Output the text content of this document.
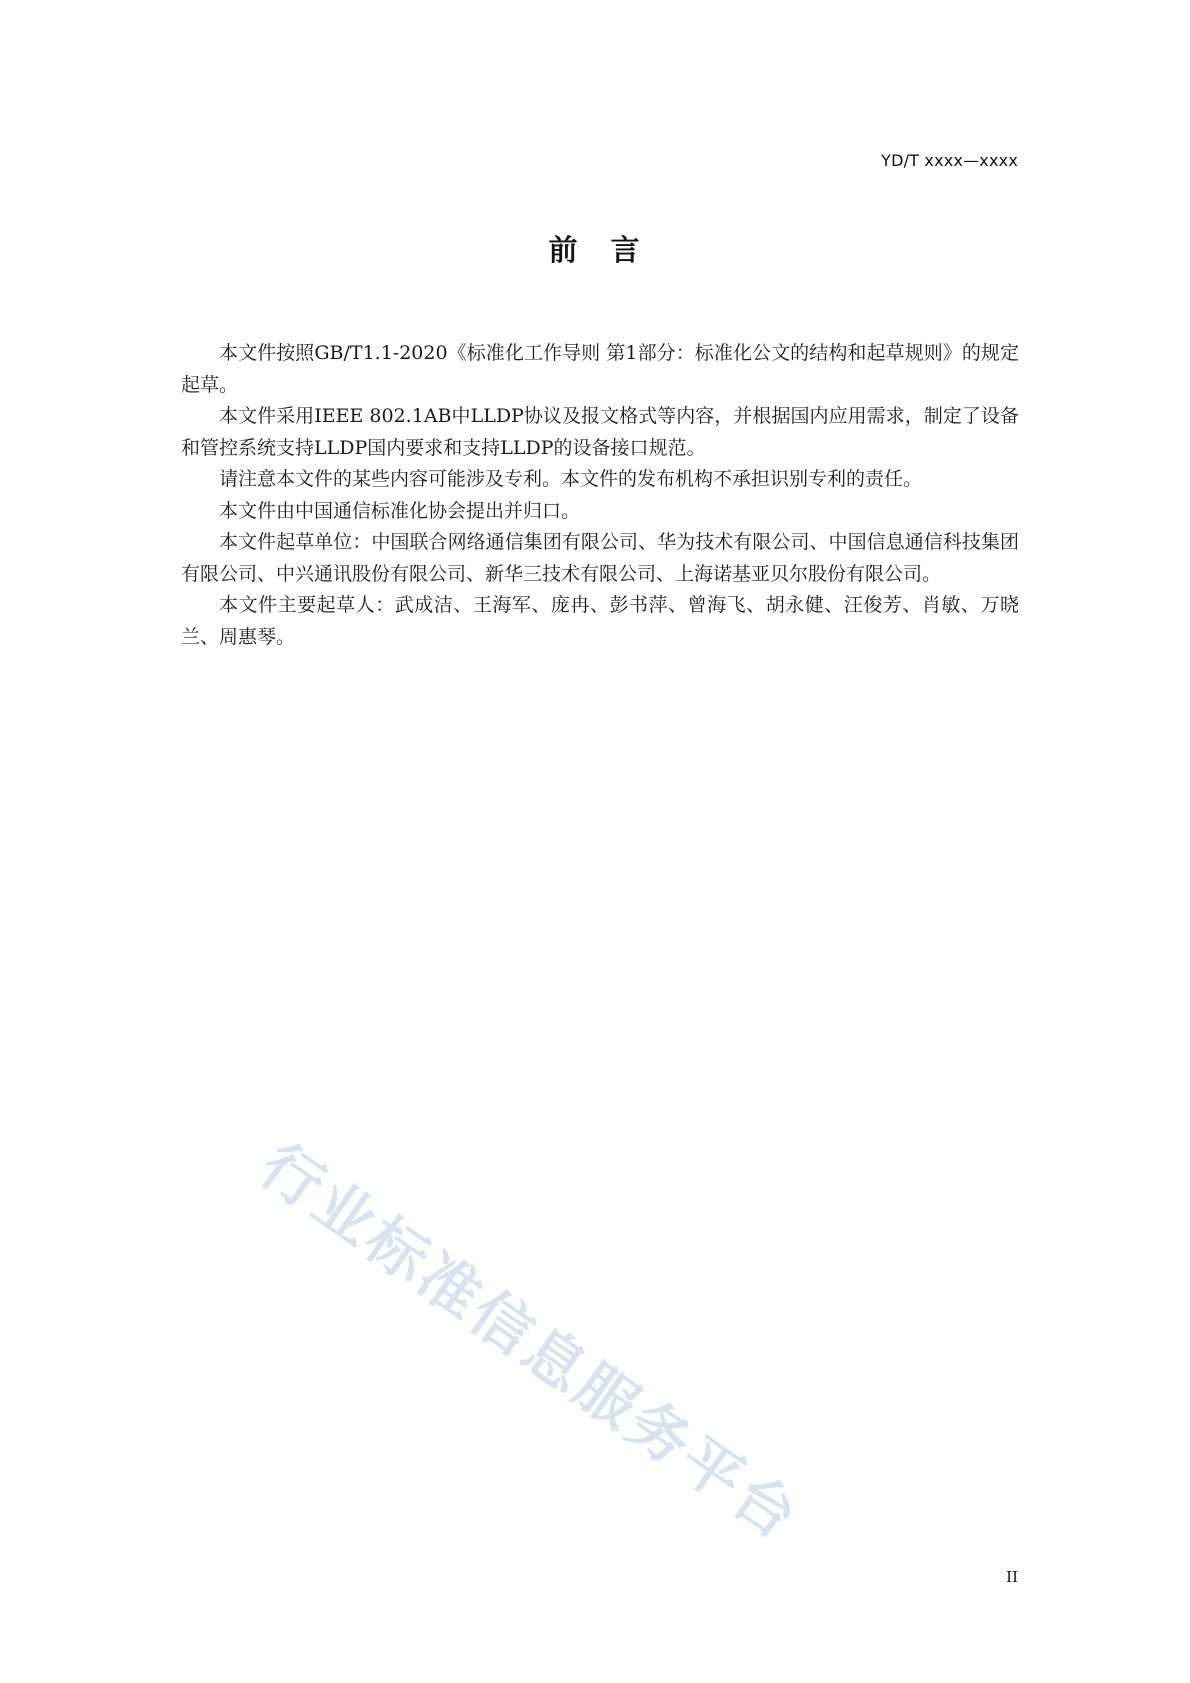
YD/T xxxx—xxxx
前　言

本文件按照GB/T1.1-2020《标准化工作导则 第1部分：标准化公文的结构和起草规则》的规定起草。

本文件采用IEEE 802.1AB中LLDP协议及报文格式等内容，并根据国内应用需求，制定了设备和管控系统支持LLDP国内要求和支持LLDP的设备接口规范。

请注意本文件的某些内容可能涉及专利。本文件的发布机构不承担识别专利的责任。

本文件由中国通信标准化协会提出并归口。

本文件起草单位：中国联合网络通信集团有限公司、华为技术有限公司、中国信息通信科技集团有限公司、中兴通讯股份有限公司、新华三技术有限公司、上海诺基亚贝尔股份有限公司。

本文件主要起草人：武成洁、王海军、庞冉、彭书萍、曾海飞、胡永健、汪俊芳、肖敏、万晓兰、周惠琴。

行业标准信息服务平台
II
